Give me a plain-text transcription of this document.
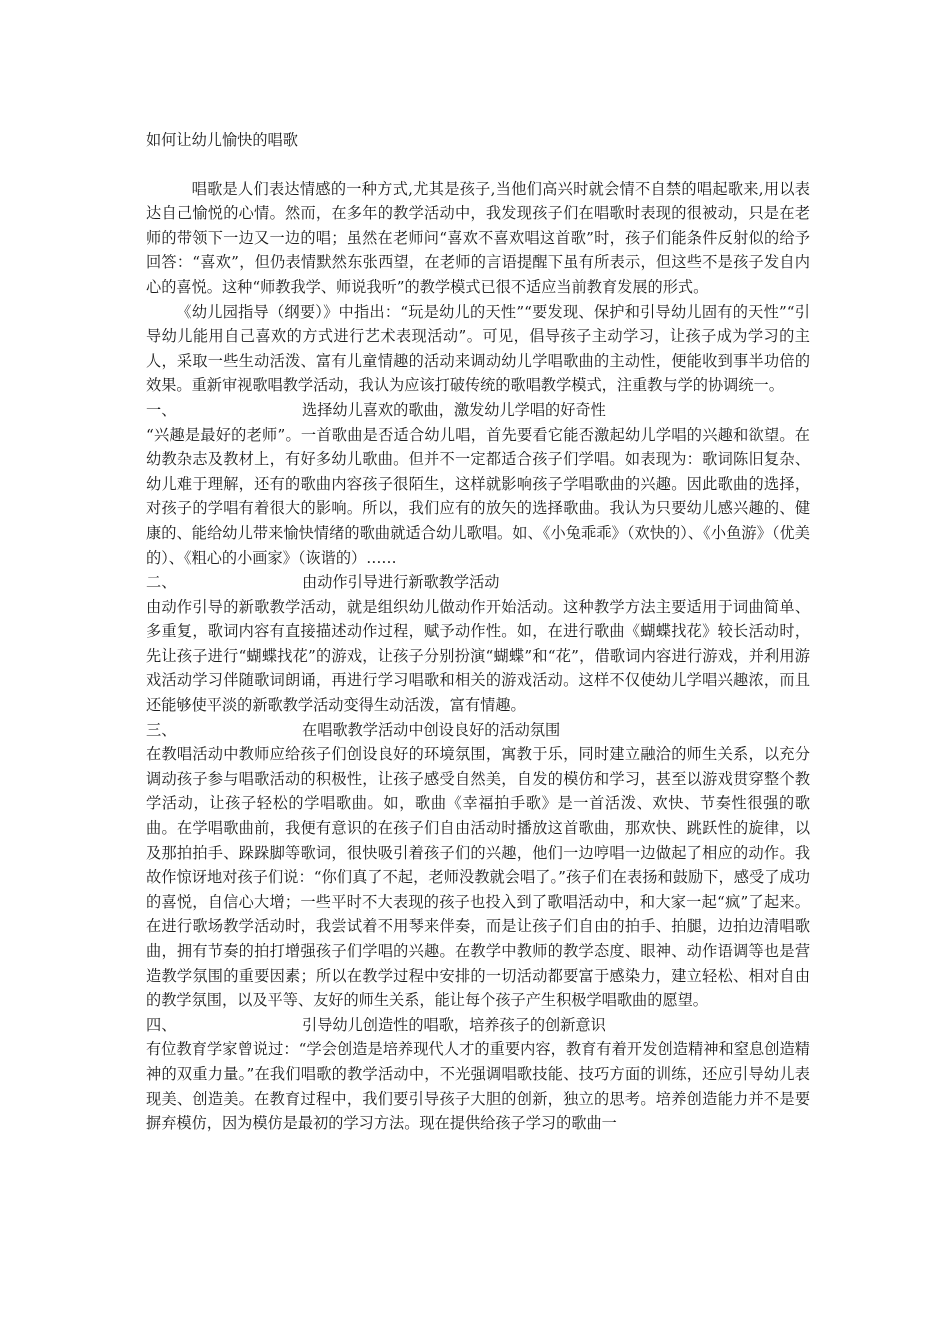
如何让幼儿愉快的唱歌

唱歌是人们表达情感的一种方式,尤其是孩子,当他们高兴时就会情不自禁的唱起歌来,用以表达自己愉悦的心情。然而，在多年的教学活动中，我发现孩子们在唱歌时表现的很被动，只是在老师的带领下一边又一边的唱；虽然在老师问“喜欢不喜欢唱这首歌”时，孩子们能条件反射似的给予回答：“喜欢”，但仍表情默然东张西望，在老师的言语提醒下虽有所表示，但这些不是孩子发自内心的喜悦。这种“师教我学、师说我听”的教学模式已很不适应当前教育发展的形式。

《幼儿园指导（纲要）》中指出：“玩是幼儿的天性”“要发现、保护和引导幼儿固有的天性”“引导幼儿能用自己喜欢的方式进行艺术表现活动”。可见，倡导孩子主动学习，让孩子成为学习的主人，采取一些生动活泼、富有儿童情趣的活动来调动幼儿学唱歌曲的主动性，便能收到事半功倍的效果。重新审视歌唱教学活动，我认为应该打破传统的歌唱教学模式，注重教与学的协调统一。

一、	选择幼儿喜欢的歌曲，激发幼儿学唱的好奇性

“兴趣是最好的老师”。一首歌曲是否适合幼儿唱，首先要看它能否激起幼儿学唱的兴趣和欲望。在幼教杂志及教材上，有好多幼儿歌曲。但并不一定都适合孩子们学唱。如表现为：歌词陈旧复杂、幼儿难于理解，还有的歌曲内容孩子很陌生，这样就影响孩子学唱歌曲的兴趣。因此歌曲的选择，对孩子的学唱有着很大的影响。所以，我们应有的放矢的选择歌曲。我认为只要幼儿感兴趣的、健康的、能给幼儿带来愉快情绪的歌曲就适合幼儿歌唱。如、《小兔乖乖》（欢快的）、《小鱼游》（优美的）、《粗心的小画家》（诙谐的）……

二、	由动作引导进行新歌教学活动

由动作引导的新歌教学活动，就是组织幼儿做动作开始活动。这种教学方法主要适用于词曲简单、多重复，歌词内容有直接描述动作过程，赋予动作性。如，在进行歌曲《蝴蝶找花》较长活动时，先让孩子进行“蝴蝶找花”的游戏，让孩子分别扮演“蝴蝶”和“花”，借歌词内容进行游戏，并利用游戏活动学习伴随歌词朗诵，再进行学习唱歌和相关的游戏活动。这样不仅使幼儿学唱兴趣浓，而且还能够使平淡的新歌教学活动变得生动活泼，富有情趣。

三、	在唱歌教学活动中创设良好的活动氛围

在教唱活动中教师应给孩子们创设良好的环境氛围，寓教于乐，同时建立融洽的师生关系，以充分调动孩子参与唱歌活动的积极性，让孩子感受自然美，自发的模仿和学习，甚至以游戏贯穿整个教学活动，让孩子轻松的学唱歌曲。如，歌曲《幸福拍手歌》是一首活泼、欢快、节奏性很强的歌曲。在学唱歌曲前，我便有意识的在孩子们自由活动时播放这首歌曲，那欢快、跳跃性的旋律，以及那拍拍手、跺跺脚等歌词，很快吸引着孩子们的兴趣，他们一边哼唱一边做起了相应的动作。我故作惊讶地对孩子们说：“你们真了不起，老师没教就会唱了。”孩子们在表扬和鼓励下，感受了成功的喜悦，自信心大增；一些平时不大表现的孩子也投入到了歌唱活动中，和大家一起“疯”了起来。在进行歌场教学活动时，我尝试着不用琴来伴奏，而是让孩子们自由的拍手、拍腿，边拍边清唱歌曲，拥有节奏的拍打增强孩子们学唱的兴趣。在教学中教师的教学态度、眼神、动作语调等也是营造教学氛围的重要因素；所以在教学过程中安排的一切活动都要富于感染力，建立轻松、相对自由的教学氛围，以及平等、友好的师生关系，能让每个孩子产生积极学唱歌曲的愿望。

四、	引导幼儿创造性的唱歌，培养孩子的创新意识

有位教育学家曾说过：“学会创造是培养现代人才的重要内容，教育有着开发创造精神和窒息创造精神的双重力量。”在我们唱歌的教学活动中，不光强调唱歌技能、技巧方面的训练，还应引导幼儿表现美、创造美。在教育过程中，我们要引导孩子大胆的创新，独立的思考。培养创造能力并不是要摒弃模仿，因为模仿是最初的学习方法。现在提供给孩子学习的歌曲一
